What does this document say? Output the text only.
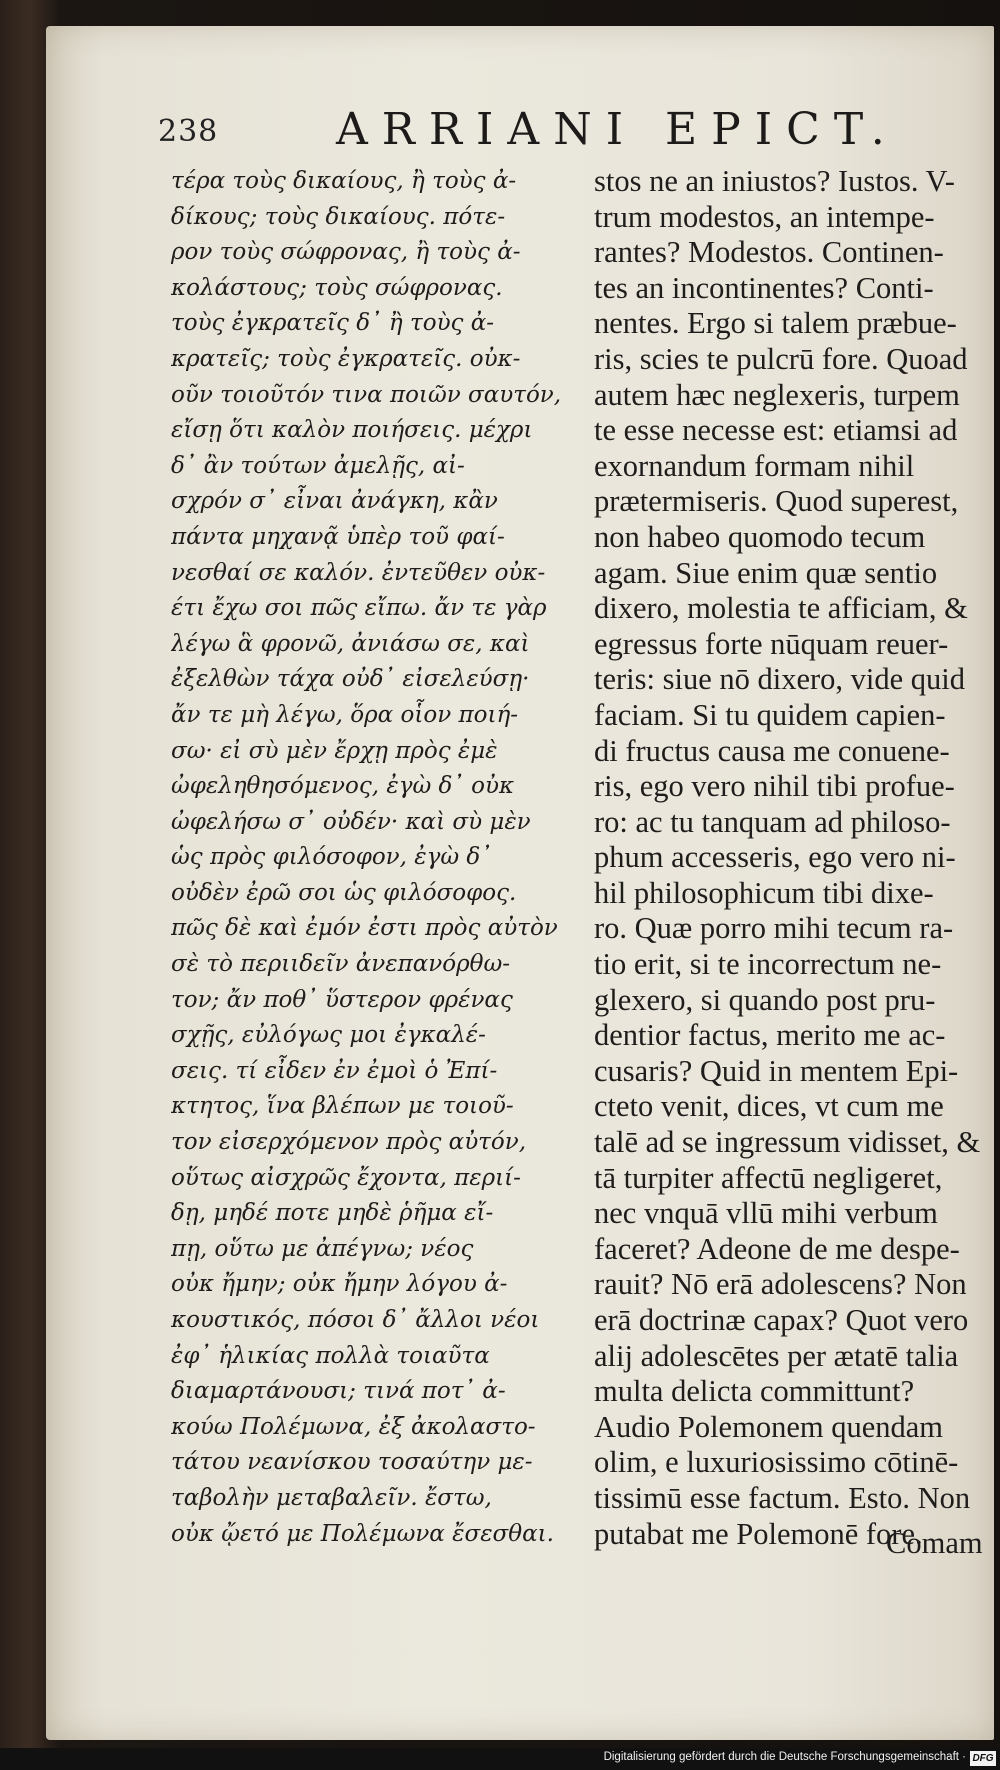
238	ARRIANI EPICT.
τέρα τοὺς δικαίους, ἢ τοὺς ἀ-
δίκους; τοὺς δικαίους. πότε-
ρον τοὺς σώφρονας, ἢ τοὺς ἀ-
κολάστους; τοὺς σώφρονας.
τοὺς ἐγκρατεῖς δ᾽ ἢ τοὺς ἀ-
κρατεῖς; τοὺς ἐγκρατεῖς. οὐκ-
οῦν τοιοῦτόν τινα ποιῶν σαυτόν,
εἴσῃ ὅτι καλὸν ποιήσεις. μέχρι
δ᾽ ἂν τούτων ἀμελῇς, αἰ-
σχρόν σ᾽ εἶναι ἀνάγκη, κἂν
πάντα μηχανᾷ ὑπὲρ τοῦ φαί-
νεσθαί σε καλόν. ἐντεῦθεν οὐκ-
έτι ἔχω σοι πῶς εἴπω. ἄν τε γὰρ
λέγω ἃ φρονῶ, ἀνιάσω σε, καὶ
ἐξελθὼν τάχα οὐδ᾽ εἰσελεύσῃ·
ἄν τε μὴ λέγω, ὅρα οἷον ποιή-
σω· εἰ σὺ μὲν ἔρχῃ πρὸς ἐμὲ
ὠφεληθησόμενος, ἐγὼ δ᾽ οὐκ
ὠφελήσω σ᾽ οὐδέν· καὶ σὺ μὲν
ὡς πρὸς φιλόσοφον, ἐγὼ δ᾽
οὐδὲν ἐρῶ σοι ὡς φιλόσοφος.
πῶς δὲ καὶ ἐμόν ἐστι πρὸς αὐτὸν
σὲ τὸ περιιδεῖν ἀνεπανόρθω-
τον; ἄν ποθ᾽ ὕστερον φρένας
σχῇς, εὐλόγως μοι ἐγκαλέ-
σεις. τί εἶδεν ἐν ἐμοὶ ὁ Ἐπί-
κτητος, ἵνα βλέπων με τοιοῦ-
τον εἰσερχόμενον πρὸς αὐτόν,
οὕτως αἰσχρῶς ἔχοντα, περιί-
δῃ, μηδέ ποτε μηδὲ ῥῆμα εἴ-
πῃ, οὕτω με ἀπέγνω; νέος
οὐκ ἤμην; οὐκ ἤμην λόγου ἀ-
κουστικός, πόσοι δ᾽ ἄλλοι νέοι
ἐφ᾽ ἡλικίας πολλὰ τοιαῦτα
διαμαρτάνουσι; τινά ποτ᾽ ἀ-
κούω Πολέμωνα, ἐξ ἀκολαστο-
τάτου νεανίσκου τοσαύτην με-
ταβολὴν μεταβαλεῖν. ἔστω,
οὐκ ᾤετό με Πολέμωνα ἔσεσθαι.
stos ne an iniustos? Iustos. V-
trum modestos, an intempe-
rantes? Modestos. Continen-
tes an incontinentes? Conti-
nentes. Ergo si talem præbue-
ris, scies te pulcrū fore. Quoad
autem hæc neglexeris, turpem
te esse necesse est: etiamsi ad
exornandum formam nihil
prætermiseris. Quod superest,
non habeo quomodo tecum
agam. Siue enim quæ sentio
dixero, molestia te afficiam, &
egressus forte nūquam reuer-
teris: siue nō dixero, vide quid
faciam. Si tu quidem capien-
di fructus causa me conuene-
ris, ego vero nihil tibi profue-
ro: ac tu tanquam ad philoso-
phum accesseris, ego vero ni-
hil philosophicum tibi dixe-
ro. Quæ porro mihi tecum ra-
tio erit, si te incorrectum ne-
glexero, si quando post pru-
dentior factus, merito me ac-
cusaris? Quid in mentem Epi-
cteto venit, dices, vt cum me
talē ad se ingressum vidisset, &
tā turpiter affectū negligeret,
nec vnquā vllū mihi verbum
faceret? Adeone de me despe-
rauit? Nō erā adolescens? Non
erā doctrinæ capax? Quot vero
alij adolescētes per ætatē talia
multa delicta committunt?
Audio Polemonem quendam
olim, e luxuriosissimo cōtinē-
tissimū esse factum. Esto. Non
putabat me Polemonē fore.
Comam
Digitalisierung gefördert durch die Deutsche Forschungsgemeinschaft · DFG
